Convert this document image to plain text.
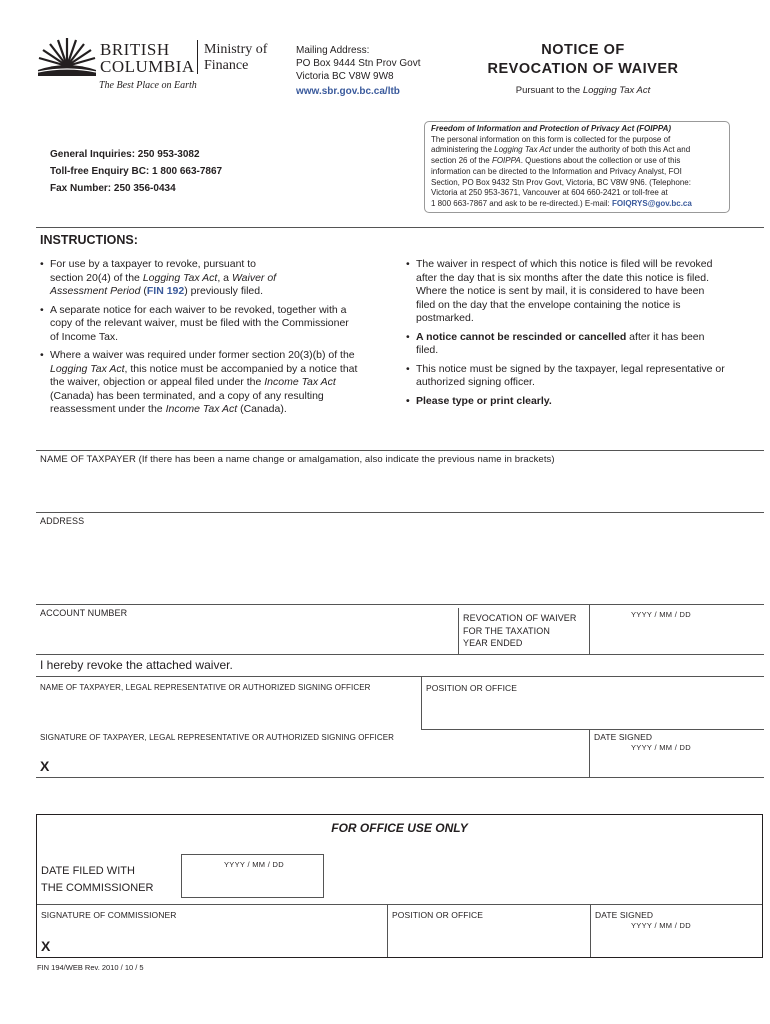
BRITISH
COLUMBIA
Ministry of
Finance
The Best Place on Earth
Mailing Address:
PO Box 9444 Stn Prov Govt
Victoria BC V8W 9W8
www.sbr.gov.bc.ca/ltb
NOTICE OF
REVOCATION OF WAIVER
Pursuant to the Logging Tax Act
General Inquiries: 250 953-3082
Toll-free Enquiry BC: 1 800 663-7867
Fax Number: 250 356-0434
Freedom of Information and Protection of Privacy Act (FOIPPA)
The personal information on this form is collected for the purpose of
administering the Logging Tax Act under the authority of both this Act and
section 26 of the FOIPPA. Questions about the collection or use of this
information can be directed to the Information and Privacy Analyst, FOI
Section, PO Box 9432 Stn Prov Govt, Victoria, BC V8W 9N6. (Telephone:
Victoria at 250 953-3671, Vancouver at 604 660-2421 or toll-free at
1 800 663-7867 and ask to be re-directed.) E-mail: FOIQRYS@gov.bc.ca
INSTRUCTIONS:

• For use by a taxpayer to revoke, pursuant to
section 20(4) of the Logging Tax Act, a Waiver of
Assessment Period (FIN 192) previously filed.

• A separate notice for each waiver to be revoked, together with a copy of the relevant waiver, must be filed with the Commissioner of Income Tax.

• Where a waiver was required under former section 20(3)(b) of the Logging Tax Act, this notice must be accompanied by a notice that the waiver, objection or appeal filed under the Income Tax Act (Canada) has been terminated, and a copy of any resulting reassessment under the Income Tax Act (Canada).

• The waiver in respect of which this notice is filed will be revoked after the day that is six months after the date this notice is filed. Where the notice is sent by mail, it is considered to have been filed on the day that the envelope containing the notice is postmarked.

• A notice cannot be rescinded or cancelled after it has been filed.

• This notice must be signed by the taxpayer, legal representative or authorized signing officer.

• Please type or print clearly.

NAME OF TAXPAYER (If there has been a name change or amalgamation, also indicate the previous name in brackets)
ADDRESS
ACCOUNT NUMBER	REVOCATION OF WAIVER
FOR THE TAXATION
YEAR ENDED
YYYY / MM / DD
I hereby revoke the attached waiver.
NAME OF TAXPAYER, LEGAL REPRESENTATIVE OR AUTHORIZED SIGNING OFFICER	POSITION OR OFFICE
SIGNATURE OF TAXPAYER, LEGAL REPRESENTATIVE OR AUTHORIZED SIGNING OFFICER
X
DATE SIGNED
YYYY / MM / DD
FOR OFFICE USE ONLY
DATE FILED WITH
THE COMMISSIONER
YYYY / MM / DD
SIGNATURE OF COMMISSIONER
X
POSITION OR OFFICE	DATE SIGNED
YYYY / MM / DD
FIN 194/WEB Rev. 2010 / 10 / 5
